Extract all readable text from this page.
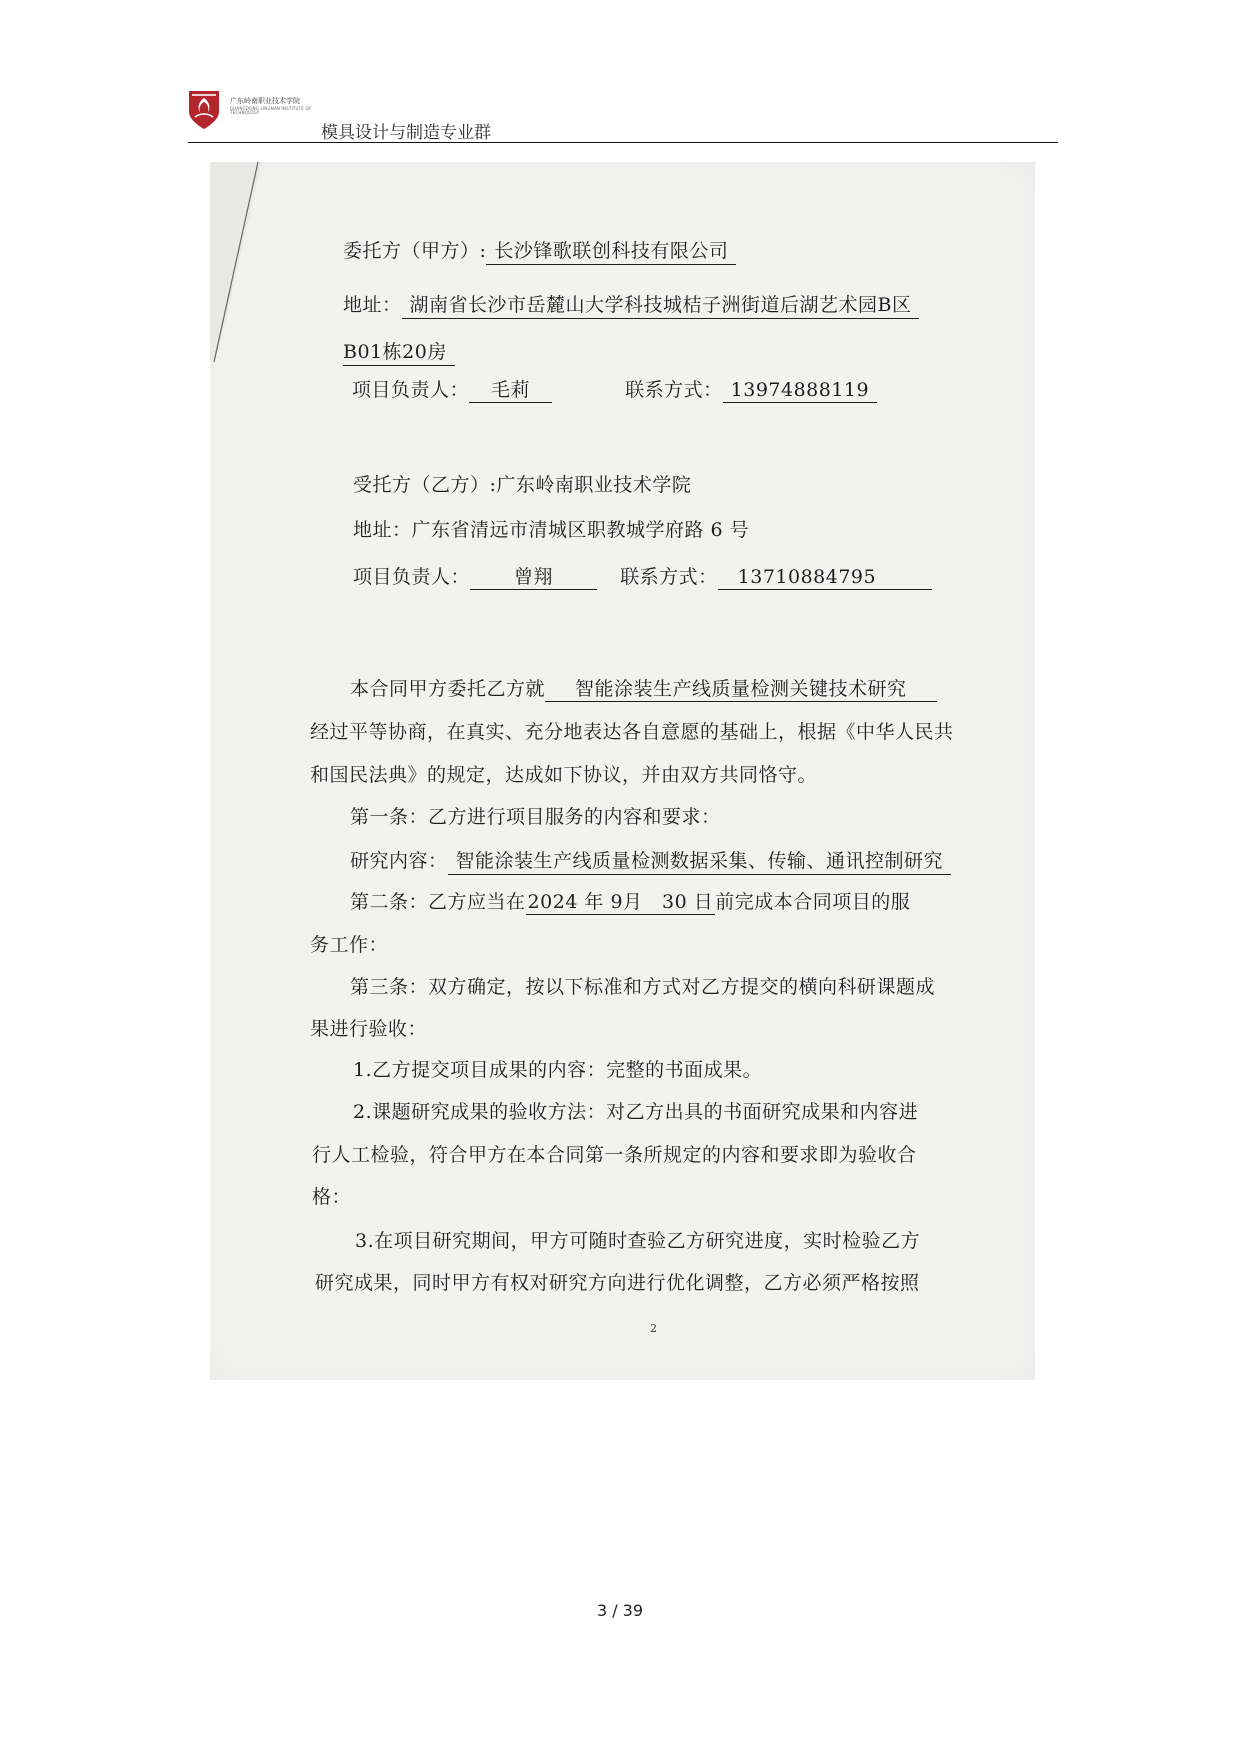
广东岭南职业技术学院
GUANGDONG LINGNAN INSTITUTE OF TECHNOLOGY
模具设计与制造专业群
委托方（甲方）: 长沙锋歌联创科技有限公司
地址： 湖南省长沙市岳麓山大学科技城桔子洲街道后湖艺术园B区
B01栋20房
项目负责人： 毛莉	联系方式： 13974888119
受托方（乙方）:广东岭南职业技术学院
地址：广东省清远市清城区职教城学府路 6 号
项目负责人： 曾翔	联系方式： 13710884795
本合同甲方委托乙方就 智能涂装生产线质量检测关键技术研究
经过平等协商，在真实、充分地表达各自意愿的基础上，根据《中华人民共
和国民法典》的规定，达成如下协议，并由双方共同恪守。
第一条：乙方进行项目服务的内容和要求：
研究内容： 智能涂装生产线质量检测数据采集、传输、通讯控制研究
第二条：乙方应当在 2024 年 9月　30 日 前完成本合同项目的服
务工作：
第三条：双方确定，按以下标准和方式对乙方提交的横向科研课题成
果进行验收：
1.乙方提交项目成果的内容：完整的书面成果。
2.课题研究成果的验收方法：对乙方出具的书面研究成果和内容进
行人工检验，符合甲方在本合同第一条所规定的内容和要求即为验收合
格：
3.在项目研究期间，甲方可随时查验乙方研究进度，实时检验乙方
研究成果，同时甲方有权对研究方向进行优化调整，乙方必须严格按照
2
3 / 39
